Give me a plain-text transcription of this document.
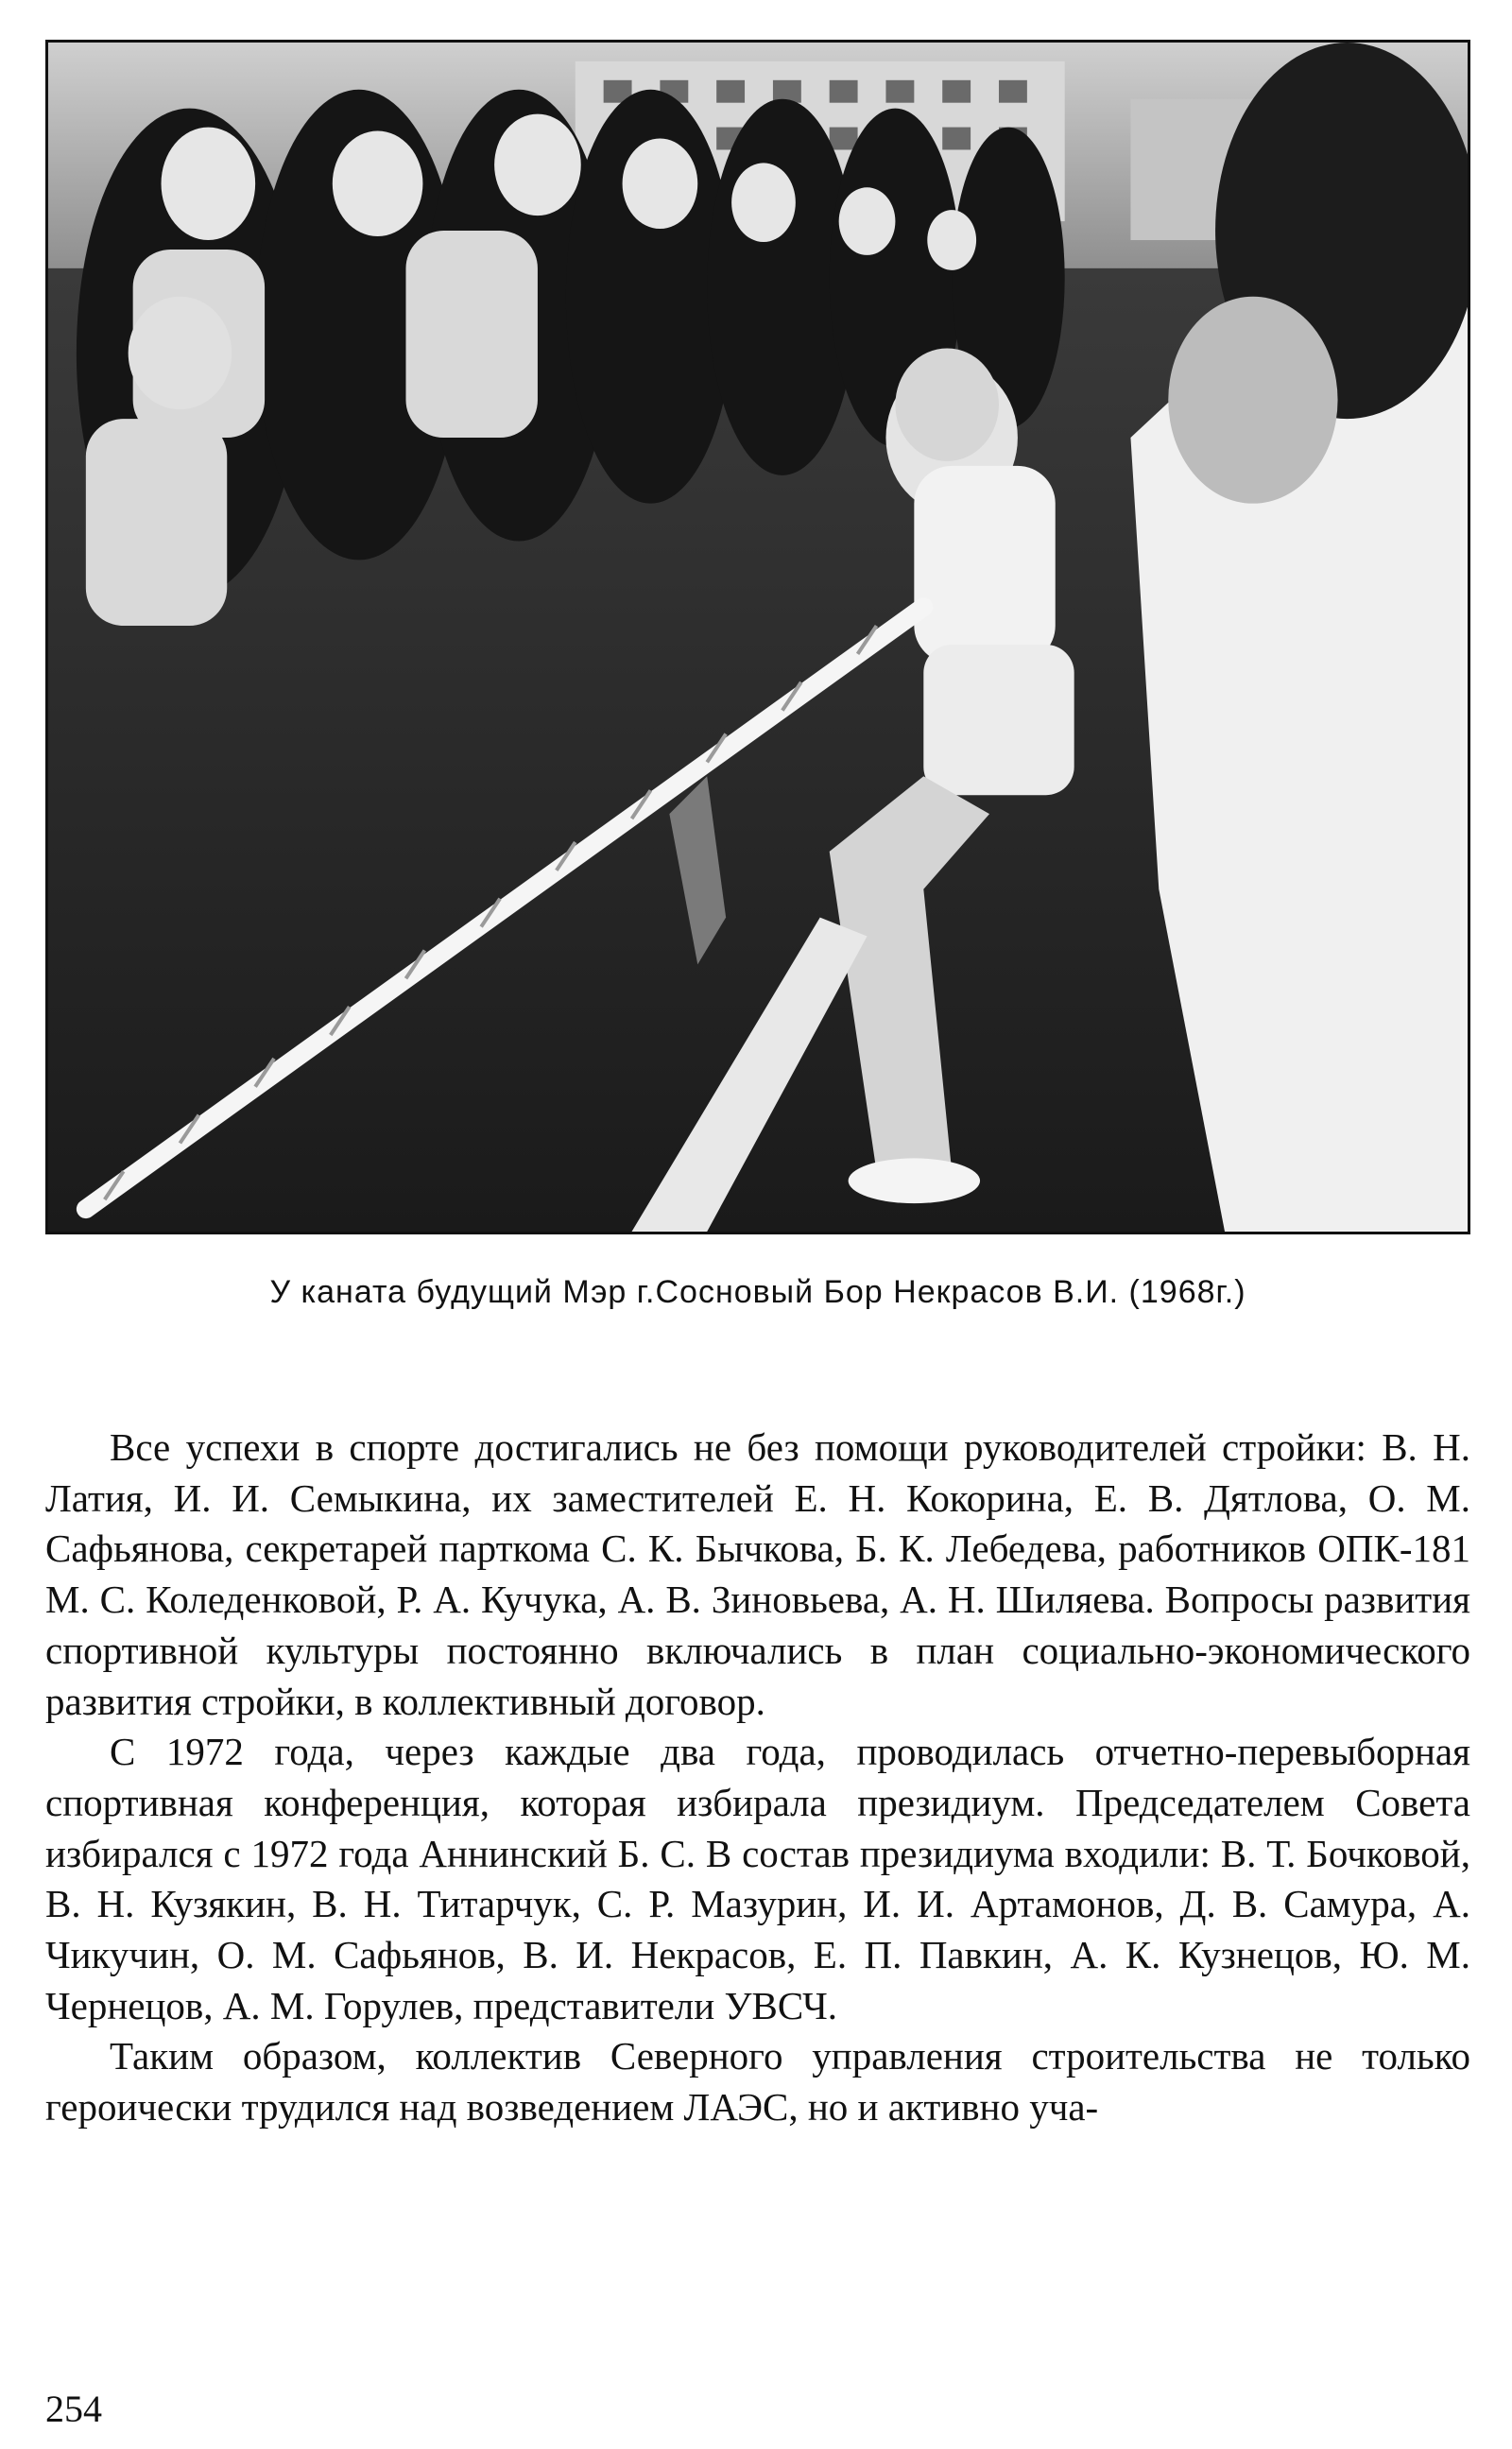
У каната будущий Мэр г.Сосновый Бор Некрасов В.И. (1968г.)

Все успехи в спорте достигались не без помощи руководителей стройки: В. Н. Латия, И. И. Семыкина, их заместителей Е. Н. Кокорина, Е. В. Дятлова, О. М. Сафьянова, секретарей парткома С. К. Бычкова, Б. К. Лебедева, работников ОПК-181 М. С. Коледенковой, Р. А. Кучука, А. В. Зиновьева, А. Н. Шиляева. Вопросы развития спортивной культуры постоянно включались в план социально-экономического развития стройки, в коллективный договор.

С 1972 года, через каждые два года, проводилась отчетно-перевыборная спортивная конференция, которая избирала президиум. Председателем Совета избирался с 1972 года Аннинский Б. С. В состав президиума входили: В. Т. Бочковой, В. Н. Кузякин, В. Н. Титарчук, С. Р. Мазурин, И. И. Артамонов, Д. В. Самура, А. Чикучин, О. М. Сафьянов, В. И. Некрасов, Е. П. Павкин, А. К. Кузнецов, Ю. М. Чернецов, А. М. Горулев, представители УВСЧ.

Таким образом, коллектив Северного управления строительства не только героически трудился над возведением ЛАЭС, но и активно уча-

254
